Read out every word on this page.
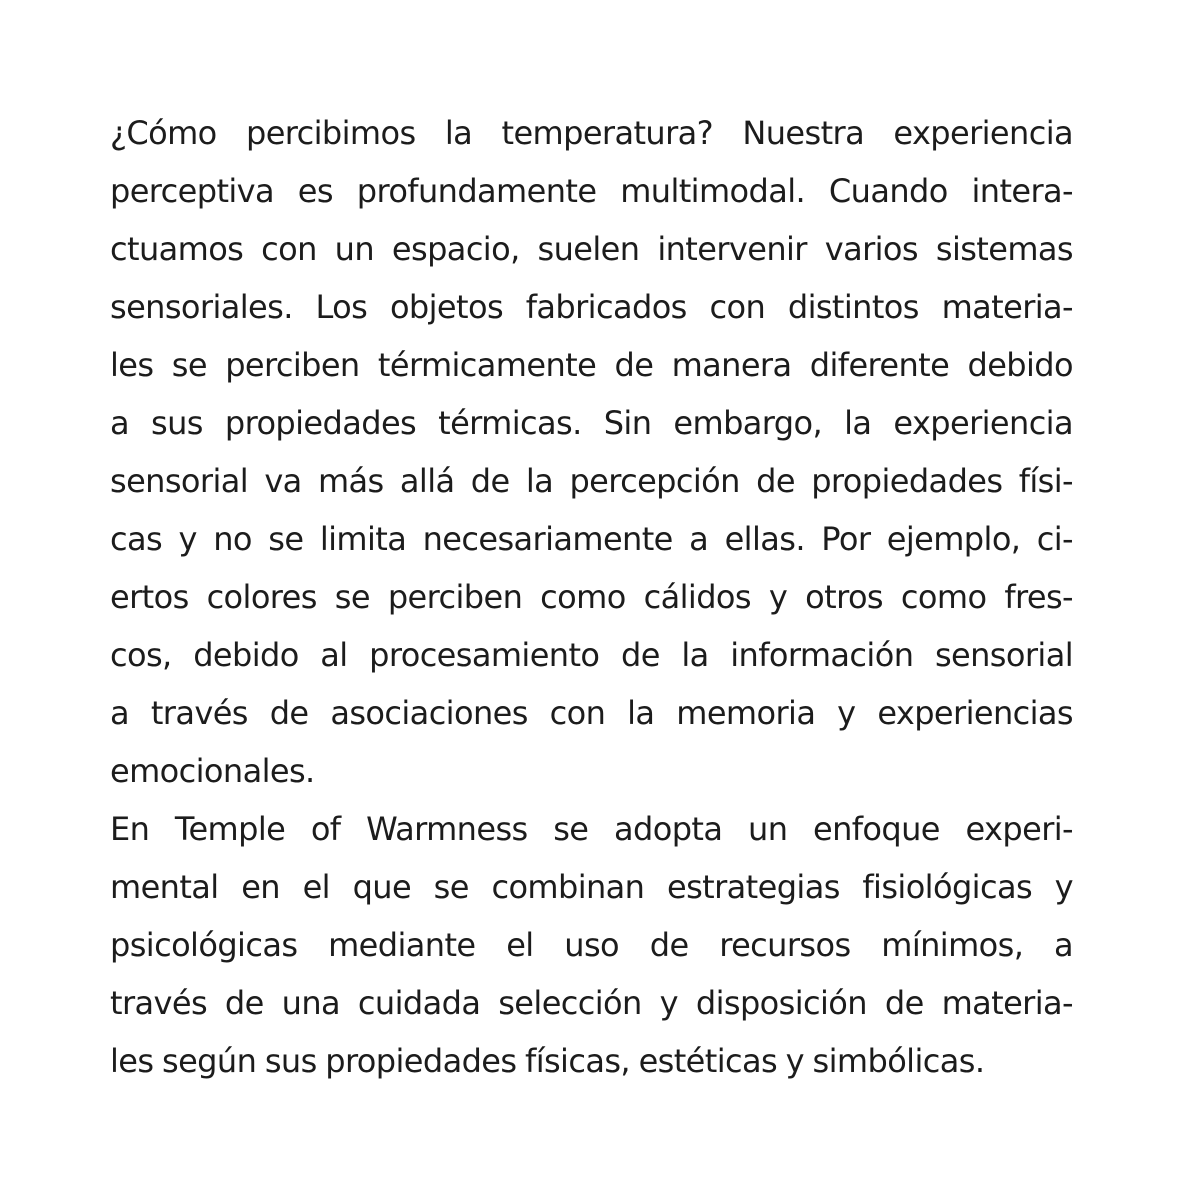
¿Cómo percibimos la temperatura? Nuestra experiencia
perceptiva es profundamente multimodal. Cuando intera-
ctuamos con un espacio, suelen intervenir varios sistemas
sensoriales. Los objetos fabricados con distintos materia-
les se perciben térmicamente de manera diferente debido
a sus propiedades térmicas. Sin embargo, la experiencia
sensorial va más allá de la percepción de propiedades físi-
cas y no se limita necesariamente a ellas. Por ejemplo, ci-
ertos colores se perciben como cálidos y otros como fres-
cos, debido al procesamiento de la información sensorial
a través de asociaciones con la memoria y experiencias
emocionales.
En Temple of Warmness se adopta un enfoque experi-
mental en el que se combinan estrategias fisiológicas y
psicológicas mediante el uso de recursos mínimos, a
través de una cuidada selección y disposición de materia-
les según sus propiedades físicas, estéticas y simbólicas.
